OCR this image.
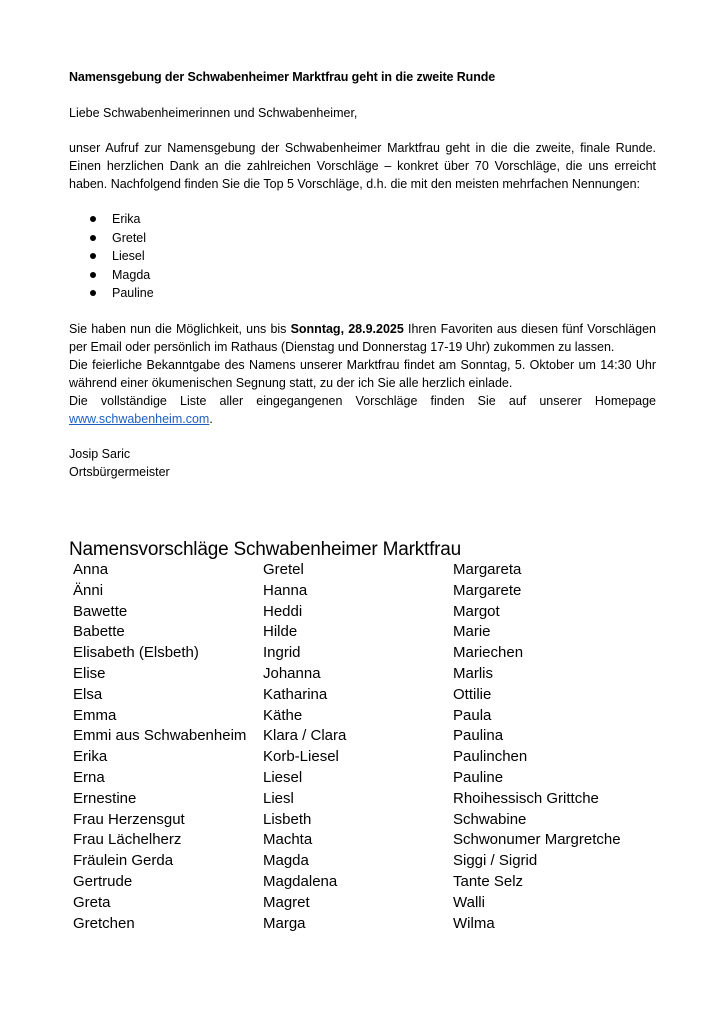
Namensgebung der Schwabenheimer Marktfrau geht in die zweite Runde

Liebe Schwabenheimerinnen und Schwabenheimer,

unser Aufruf zur Namensgebung der Schwabenheimer Marktfrau geht in die die zweite, finale Runde. Einen herzlichen Dank an die zahlreichen Vorschläge – konkret über 70 Vorschläge, die uns erreicht haben. Nachfolgend finden Sie die Top 5 Vorschläge, d.h. die mit den meisten mehrfachen Nennungen:

Erika
Gretel
Liesel
Magda
Pauline

Sie haben nun die Möglichkeit, uns bis Sonntag, 28.9.2025 Ihren Favoriten aus diesen fünf Vorschlägen per Email oder persönlich im Rathaus (Dienstag und Donnerstag 17-19 Uhr) zukommen zu lassen.

Die feierliche Bekanntgabe des Namens unserer Marktfrau findet am Sonntag, 5. Oktober um 14:30 Uhr während einer ökumenischen Segnung statt, zu der ich Sie alle herzlich einlade.

Die vollständige Liste aller eingegangenen Vorschläge finden Sie auf unserer Homepage www.schwabenheim.com.

Josip Saric
Ortsbürgermeister
Namensvorschläge Schwabenheimer Marktfrau
Anna
Änni
Bawette
Babette
Elisabeth (Elsbeth)
Elise
Elsa
Emma
Emmi aus Schwabenheim
Erika
Erna
Ernestine
Frau Herzensgut
Frau Lächelherz
Fräulein Gerda
Gertrude
Greta
Gretchen
Gretel
Hanna
Heddi
Hilde
Ingrid
Johanna
Katharina
Käthe
Klara / Clara
Korb-Liesel
Liesel
Liesl
Lisbeth
Machta
Magda
Magdalena
Magret
Marga
Margareta
Margarete
Margot
Marie
Mariechen
Marlis
Ottilie
Paula
Paulina
Paulinchen
Pauline
Rhoihessisch Grittche
Schwabine
Schwonumer Margretche
Siggi / Sigrid
Tante Selz
Walli
Wilma
